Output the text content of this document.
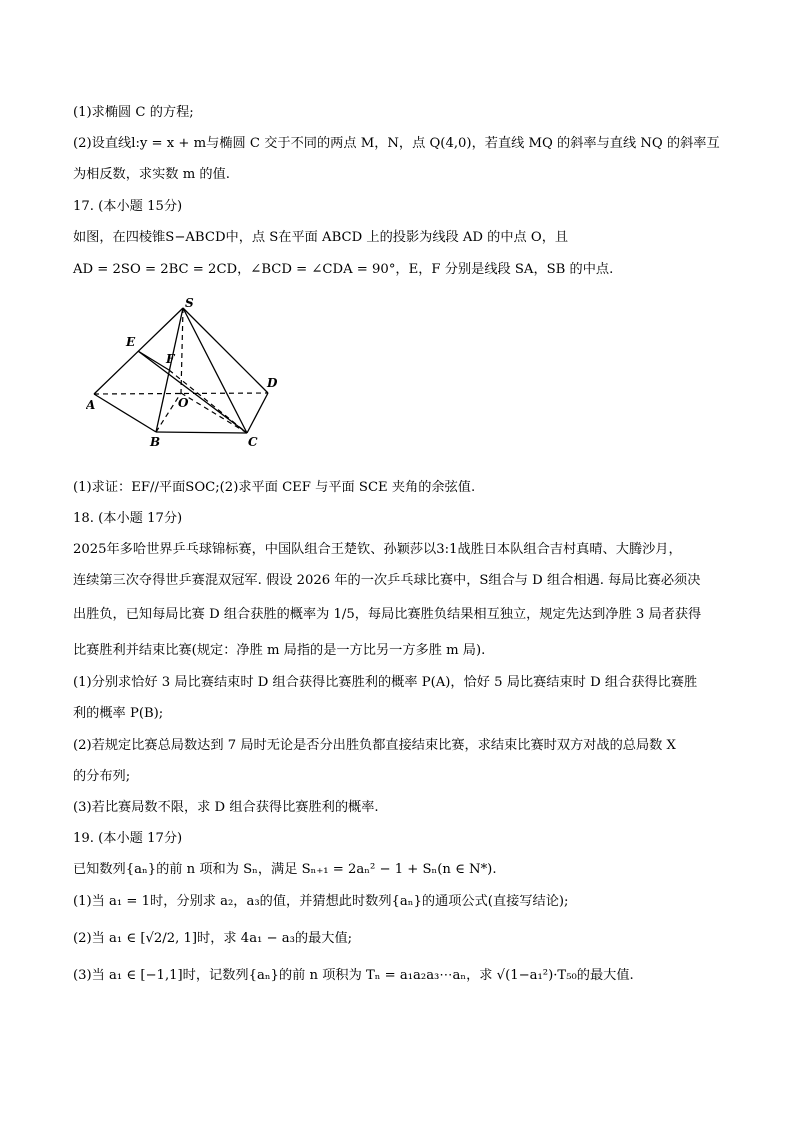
(1)求椭圆 C 的方程;
(2)设直线l:y = x + m与椭圆 C 交于不同的两点 M，N，点 Q(4,0)，若直线 MQ 的斜率与直线 NQ 的斜率互
为相反数，求实数 m 的值.
17. (本小题 15分)
如图，在四棱锥S−ABCD中，点 S在平面 ABCD 上的投影为线段 AD 的中点 O，且
AD = 2SO = 2BC = 2CD，∠BCD = ∠CDA = 90°，E，F 分别是线段 SA，SB 的中点.
S
E
F
D
A	O
B	C
(1)求证：EF//平面SOC;(2)求平面 CEF 与平面 SCE 夹角的余弦值.
18. (本小题 17分)
2025年多哈世界乒乓球锦标赛，中国队组合王楚钦、孙颖莎以3:1战胜日本队组合吉村真晴、大腾沙月，
连续第三次夺得世乒赛混双冠军. 假设 2026 年的一次乒乓球比赛中，S组合与 D 组合相遇. 每局比赛必须决
出胜负，已知每局比赛 D 组合获胜的概率为 1/5，每局比赛胜负结果相互独立，规定先达到净胜 3 局者获得
比赛胜利并结束比赛(规定：净胜 m 局指的是一方比另一方多胜 m 局).
(1)分别求恰好 3 局比赛结束时 D 组合获得比赛胜利的概率 P(A)，恰好 5 局比赛结束时 D 组合获得比赛胜
利的概率 P(B);
(2)若规定比赛总局数达到 7 局时无论是否分出胜负都直接结束比赛，求结束比赛时双方对战的总局数 X
的分布列;
(3)若比赛局数不限，求 D 组合获得比赛胜利的概率.
19. (本小题 17分)
已知数列{aₙ}的前 n 项和为 Sₙ，满足 Sₙ₊₁ = 2aₙ² − 1 + Sₙ(n ∈ N*).
(1)当 a₁ = 1时，分别求 a₂，a₃的值，并猜想此时数列{aₙ}的通项公式(直接写结论);
(2)当 a₁ ∈ [√2/2, 1]时，求 4a₁ − a₃的最大值;
(3)当 a₁ ∈ [−1,1]时，记数列{aₙ}的前 n 项积为 Tₙ = a₁a₂a₃⋯aₙ，求 √(1−a₁²)·T₅₀的最大值.
